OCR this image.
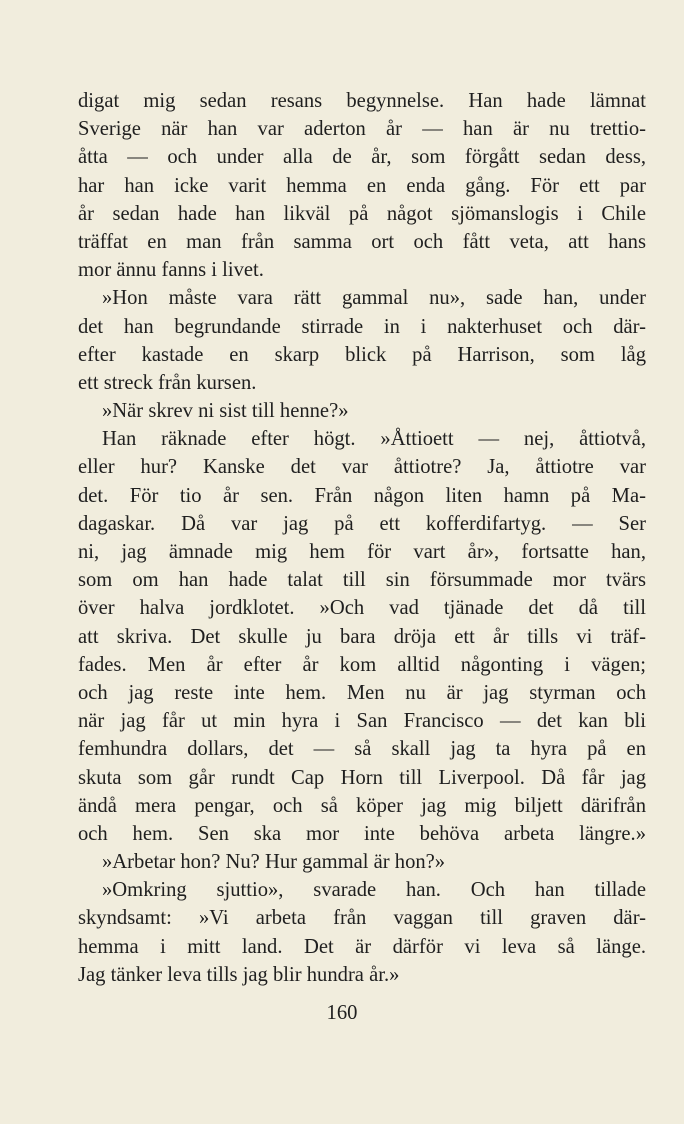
digat mig sedan resans begynnelse. Han hade lämnat
Sverige när han var aderton år — han är nu trettio-
åtta — och under alla de år, som förgått sedan dess,
har han icke varit hemma en enda gång. För ett par
år sedan hade han likväl på något sjömanslogis i Chile
träffat en man från samma ort och fått veta, att hans
mor ännu fanns i livet.
»Hon måste vara rätt gammal nu», sade han, under
det han begrundande stirrade in i nakterhuset och där-
efter kastade en skarp blick på Harrison, som låg
ett streck från kursen.
»När skrev ni sist till henne?»
Han räknade efter högt. »Åttioett — nej, åttiotvå,
eller hur? Kanske det var åttiotre? Ja, åttiotre var
det. För tio år sen. Från någon liten hamn på Ma-
dagaskar. Då var jag på ett kofferdifartyg. — Ser
ni, jag ämnade mig hem för vart år», fortsatte han,
som om han hade talat till sin försummade mor tvärs
över halva jordklotet. »Och vad tjänade det då till
att skriva. Det skulle ju bara dröja ett år tills vi träf-
fades. Men år efter år kom alltid någonting i vägen;
och jag reste inte hem. Men nu är jag styrman och
när jag får ut min hyra i San Francisco — det kan bli
femhundra dollars, det — så skall jag ta hyra på en
skuta som går rundt Cap Horn till Liverpool. Då får jag
ändå mera pengar, och så köper jag mig biljett därifrån
och hem. Sen ska mor inte behöva arbeta längre.»
»Arbetar hon? Nu? Hur gammal är hon?»
»Omkring sjuttio», svarade han. Och han tillade
skyndsamt: »Vi arbeta från vaggan till graven där-
hemma i mitt land. Det är därför vi leva så länge.
Jag tänker leva tills jag blir hundra år.»
160
